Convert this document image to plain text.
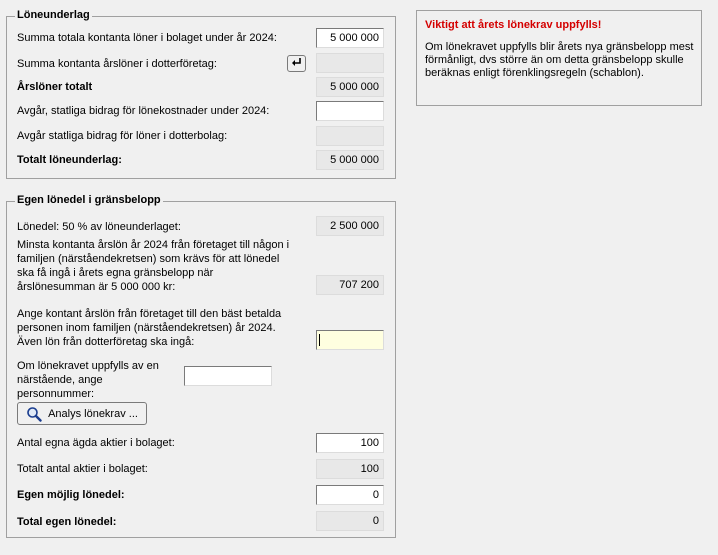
Löneunderlag
Summa totala kontanta löner i bolaget under år 2024:	5 000 000
Summa kontanta årslöner i dotterföretag:
Årslöner totalt	5 000 000
Avgår, statliga bidrag för lönekostnader under 2024:
Avgår statliga bidrag för löner i dotterbolag:
Totalt löneunderlag:	5 000 000
Viktigt att årets lönekrav uppfylls!
Om lönekravet uppfylls blir årets nya gränsbelopp mest förmånligt, dvs större än om detta gränsbelopp skulle beräknas enligt förenklingsregeln (schablon).
Egen lönedel i gränsbelopp
Lönedel: 50 % av löneunderlaget:	2 500 000
Minsta kontanta årslön år 2024 från företaget till någon i familjen (närståendekretsen) som krävs för att lönedel ska få ingå i årets egna gränsbelopp när årslönesumman är 5 000 000 kr:	707 200
Ange kontant årslön från företaget till den bäst betalda personen inom familjen (närståendekretsen) år 2024. Även lön från dotterföretag ska ingå:
Om lönekravet uppfylls av en närstående, ange personnummer:
Analys lönekrav ...
Antal egna ägda aktier i bolaget:	100
Totalt antal aktier i bolaget:	100
Egen möjlig lönedel:	0
Total egen lönedel:	0
